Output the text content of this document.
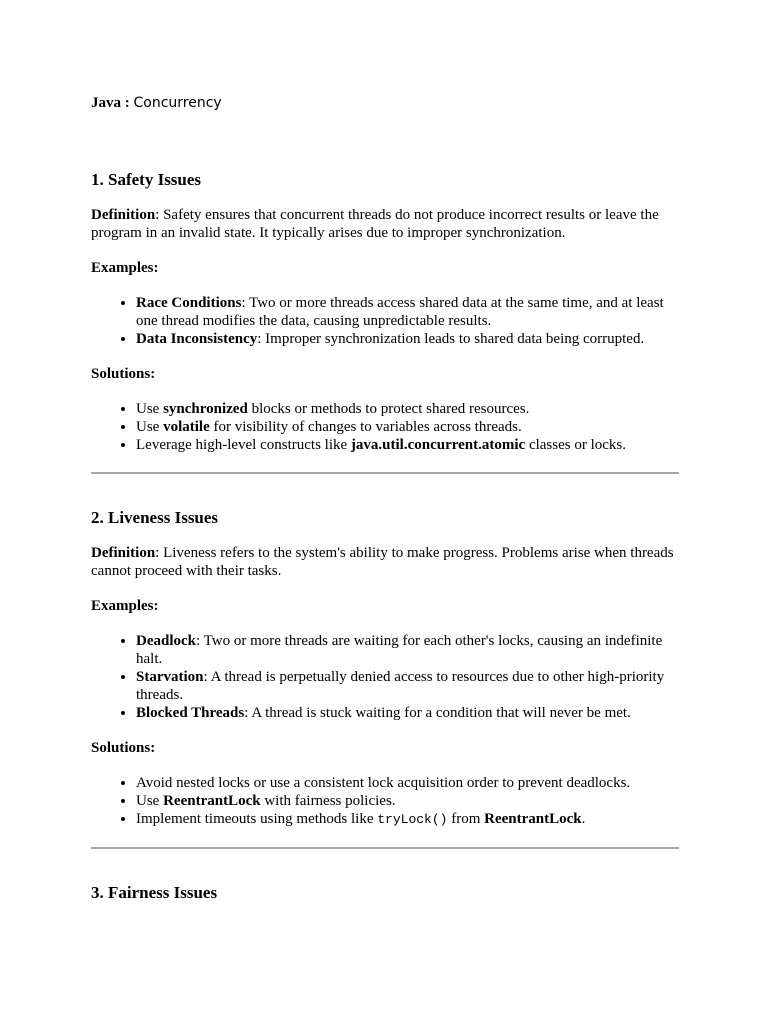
Java : Concurrency

1. Safety Issues

Definition: Safety ensures that concurrent threads do not produce incorrect results or leave the program in an invalid state. It typically arises due to improper synchronization.

Examples:

• Race Conditions: Two or more threads access shared data at the same time, and at least one thread modifies the data, causing unpredictable results.
• Data Inconsistency: Improper synchronization leads to shared data being corrupted.

Solutions:

• Use synchronized blocks or methods to protect shared resources.
• Use volatile for visibility of changes to variables across threads.
• Leverage high-level constructs like java.util.concurrent.atomic classes or locks.
2. Liveness Issues

Definition: Liveness refers to the system's ability to make progress. Problems arise when threads cannot proceed with their tasks.

Examples:

• Deadlock: Two or more threads are waiting for each other's locks, causing an indefinite halt.
• Starvation: A thread is perpetually denied access to resources due to other high-priority threads.
• Blocked Threads: A thread is stuck waiting for a condition that will never be met.

Solutions:

• Avoid nested locks or use a consistent lock acquisition order to prevent deadlocks.
• Use ReentrantLock with fairness policies.
• Implement timeouts using methods like tryLock() from ReentrantLock.
3. Fairness Issues
